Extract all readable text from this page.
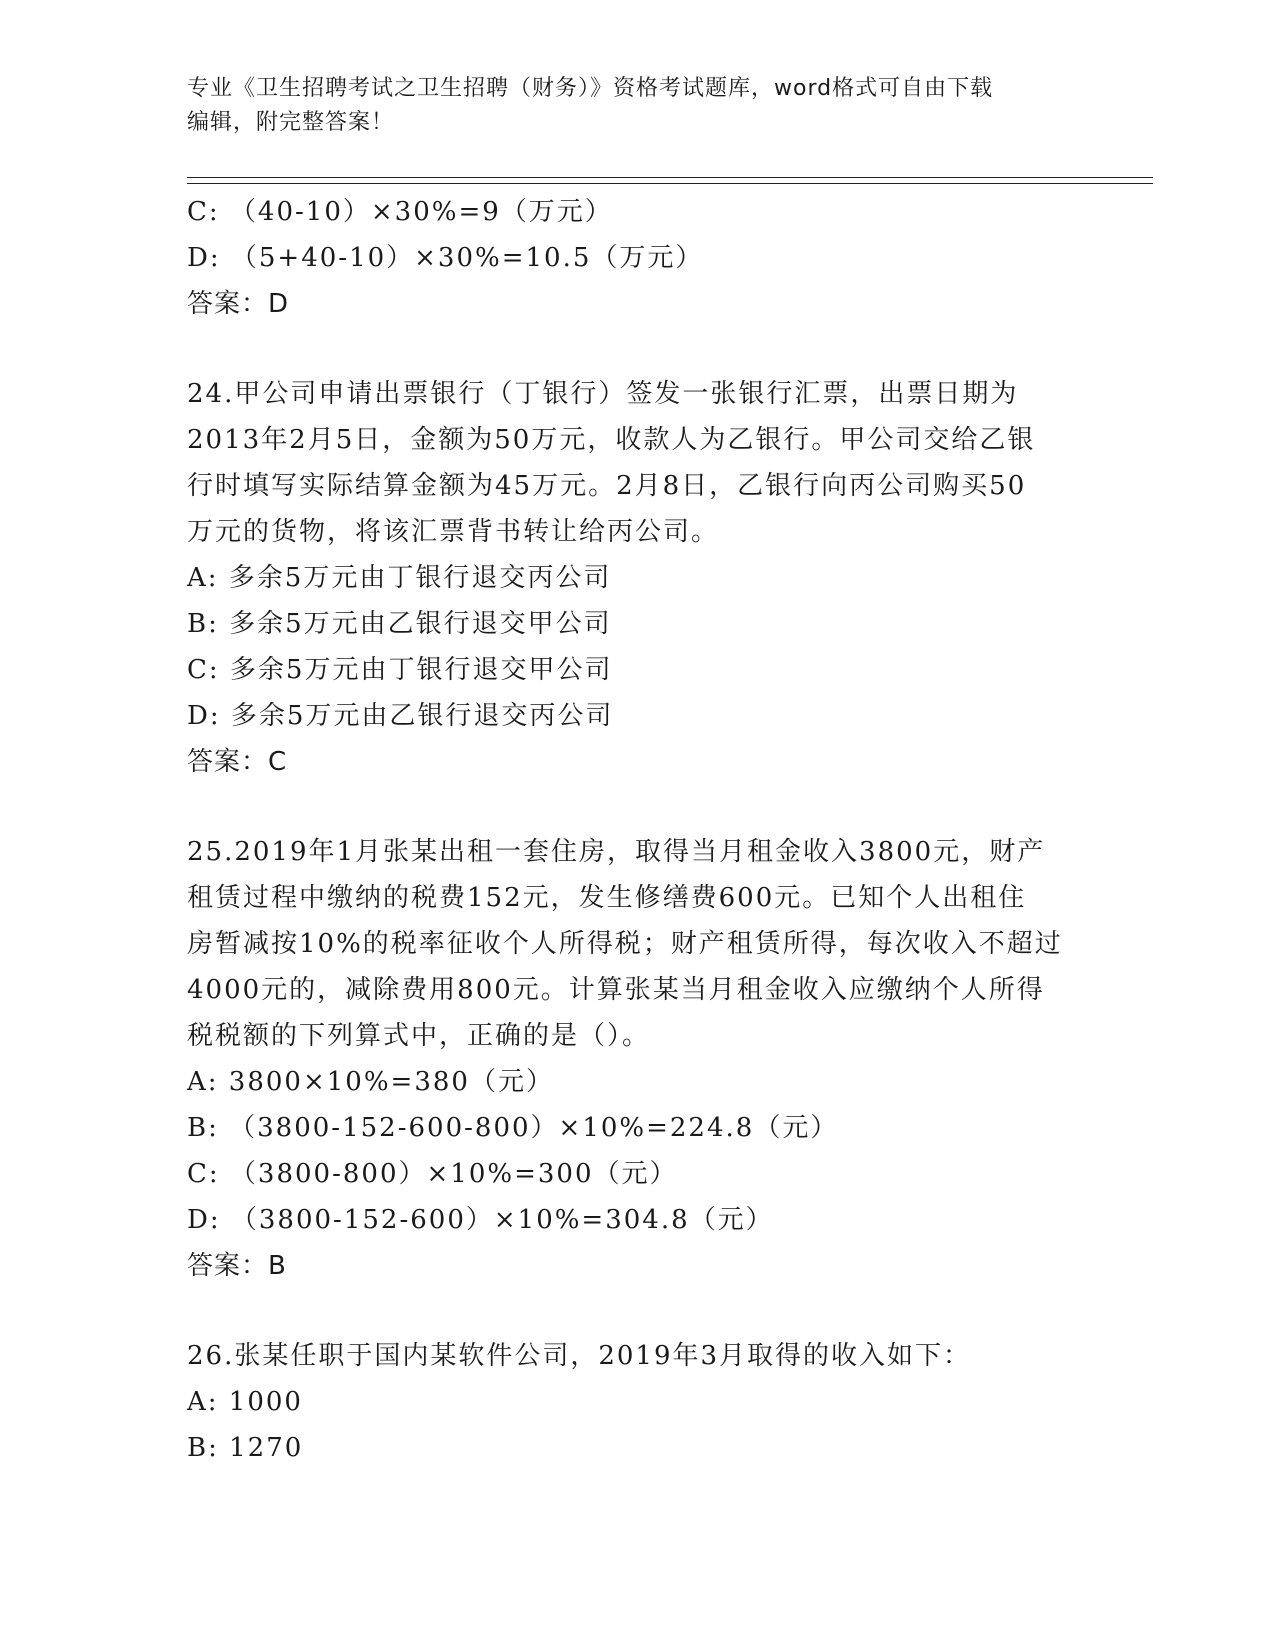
专业《卫生招聘考试之卫生招聘（财务）》资格考试题库，word格式可自由下载
编辑，附完整答案！
C: （40-10）×30%=9（万元）
D: （5+40-10）×30%=10.5（万元）
答案：D
24.甲公司申请出票银行（丁银行）签发一张银行汇票，出票日期为
2013年2月5日，金额为50万元，收款人为乙银行。甲公司交给乙银
行时填写实际结算金额为45万元。2月8日，乙银行向丙公司购买50
万元的货物，将该汇票背书转让给丙公司。
A: 多余5万元由丁银行退交丙公司
B: 多余5万元由乙银行退交甲公司
C: 多余5万元由丁银行退交甲公司
D: 多余5万元由乙银行退交丙公司
答案：C
25.2019年1月张某出租一套住房，取得当月租金收入3800元，财产
租赁过程中缴纳的税费152元，发生修缮费600元。已知个人出租住
房暂减按10%的税率征收个人所得税；财产租赁所得，每次收入不超过
4000元的，减除费用800元。计算张某当月租金收入应缴纳个人所得
税税额的下列算式中，正确的是（）。
A: 3800×10%=380（元）
B: （3800-152-600-800）×10%=224.8（元）
C: （3800-800）×10%=300（元）
D: （3800-152-600）×10%=304.8（元）
答案：B
26.张某任职于国内某软件公司，2019年3月取得的收入如下：
A: 1000
B: 1270
